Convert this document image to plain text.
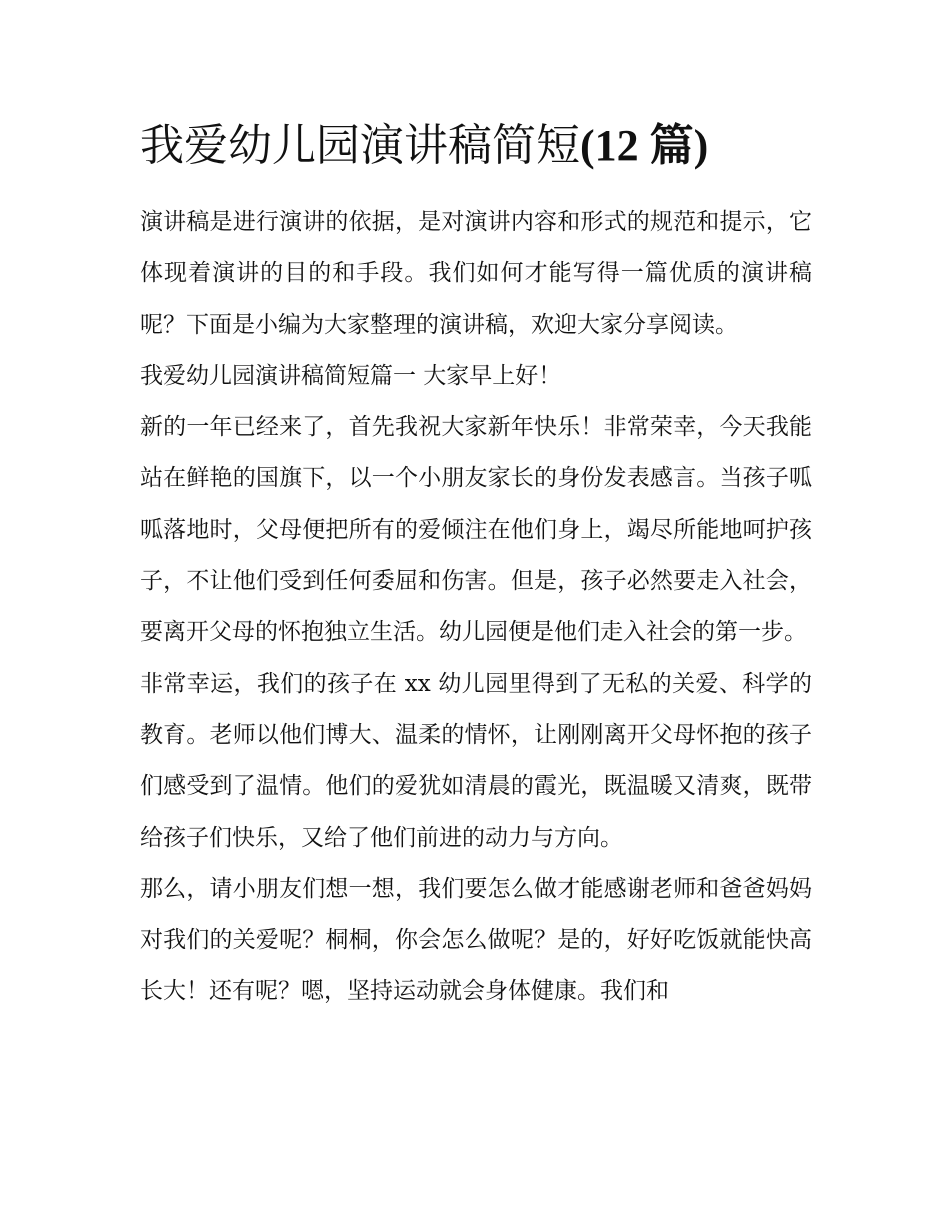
我爱幼儿园演讲稿简短(12 篇)

演讲稿是进行演讲的依据，是对演讲内容和形式的规范和提示，它体现着演讲的目的和手段。我们如何才能写得一篇优质的演讲稿呢？下面是小编为大家整理的演讲稿，欢迎大家分享阅读。

我爱幼儿园演讲稿简短篇一 大家早上好！

新的一年已经来了，首先我祝大家新年快乐！非常荣幸，今天我能站在鲜艳的国旗下，以一个小朋友家长的身份发表感言。当孩子呱呱落地时，父母便把所有的爱倾注在他们身上，竭尽所能地呵护孩子，不让他们受到任何委屈和伤害。但是，孩子必然要走入社会，要离开父母的怀抱独立生活。幼儿园便是他们走入社会的第一步。

非常幸运，我们的孩子在 xx 幼儿园里得到了无私的关爱、科学的教育。老师以他们博大、温柔的情怀，让刚刚离开父母怀抱的孩子们感受到了温情。他们的爱犹如清晨的霞光，既温暖又清爽，既带给孩子们快乐，又给了他们前进的动力与方向。

那么，请小朋友们想一想，我们要怎么做才能感谢老师和爸爸妈妈对我们的关爱呢？桐桐，你会怎么做呢？是的，好好吃饭就能快高长大！还有呢？嗯，坚持运动就会身体健康。我们和
